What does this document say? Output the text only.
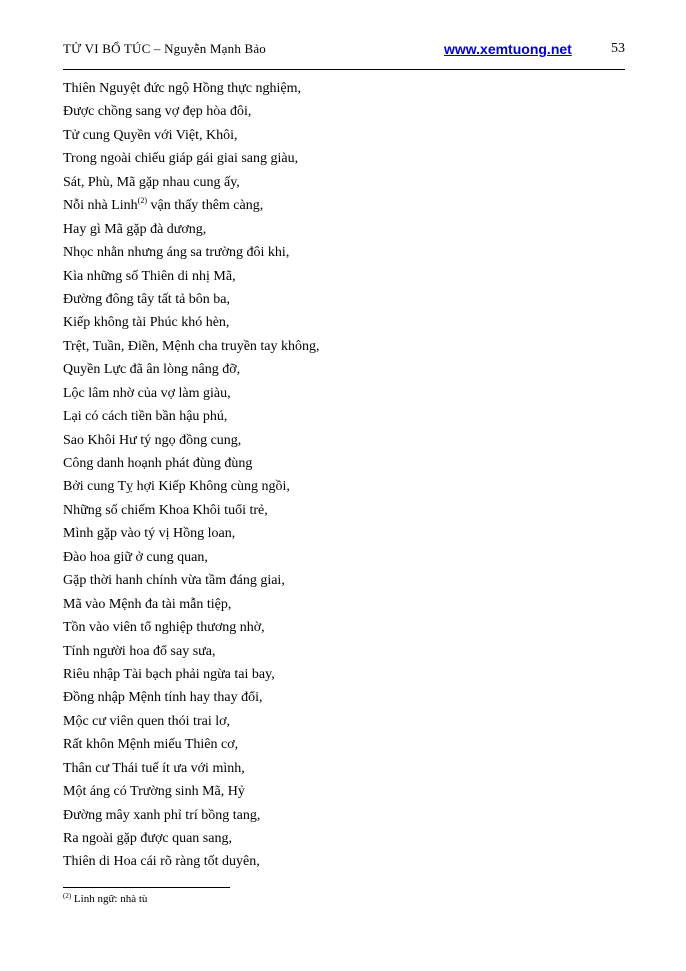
TỬ VI BỔ TÚC – Nguyễn Mạnh Bảo	www.xemtuong.net	53
Thiên Nguyệt đức ngộ Hồng thực nghiệm,
Được chồng sang vợ đẹp hòa đôi,
Tử cung Quyền với Việt, Khôi,
Trong ngoài chiếu giáp gái giai sang giàu,
Sát, Phù, Mã gặp nhau cung ấy,
Nỗi nhà Linh$^{(2)}$ vận thấy thêm càng,
Hay gì Mã gặp đà dương,
Nhọc nhằn nhưng áng sa trường đôi khi,
Kìa những số Thiên di nhị Mã,
Đường đông tây tất tả bôn ba,
Kiếp không tài Phúc khó hèn,
Trệt, Tuần, Điền, Mệnh cha truyền tay không,
Quyền Lực đã ân lòng nâng đỡ,
Lộc lâm nhờ của vợ làm giàu,
Lại có cách tiền bần hậu phú,
Sao Khôi Hư tý ngọ đồng cung,
Công danh hoạnh phát đùng đùng
Bởi cung Tỵ hợi Kiếp Không cùng ngồi,
Những số chiếm Khoa Khôi tuổi trẻ,
Mình gặp vào tý vị Hồng loan,
Đào hoa giữ ở cung quan,
Gặp thời hanh chính vừa tầm đáng giai,
Mã vào Mệnh đa tài mẫn tiệp,
Tồn vào viên tổ nghiệp thương nhờ,
Tính người hoa đổ say sưa,
Riêu nhập Tài bạch phải ngừa tai bay,
Đồng nhập Mệnh tính hay thay đổi,
Mộc cư viên quen thói trai lơ,
Rất khôn Mệnh miếu Thiên cơ,
Thân cư Thái tuế ít ưa với mình,
Một áng có Trường sinh Mã, Hỷ
Đường mây xanh phỉ trí bồng tang,
Ra ngoài gặp được quan sang,
Thiên di Hoa cái rõ ràng tốt duyên,
$^{(2)}$ Linh ngữ: nhà tù
